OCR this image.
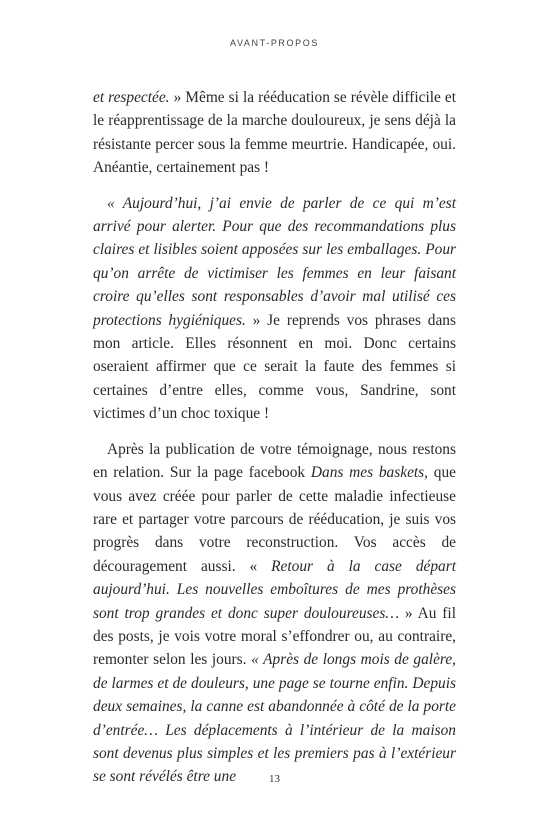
AVANT-PROPOS

et respectée. » Même si la rééducation se révèle difficile et le réapprentissage de la marche douloureux, je sens déjà la résistante percer sous la femme meurtrie. Handicapée, oui. Anéantie, certainement pas !

« Aujourd’hui, j’ai envie de parler de ce qui m’est arrivé pour alerter. Pour que des recommandations plus claires et lisibles soient apposées sur les emballages. Pour qu’on arrête de victimiser les femmes en leur faisant croire qu’elles sont responsables d’avoir mal utilisé ces protections hygiéniques. » Je reprends vos phrases dans mon article. Elles résonnent en moi. Donc certains oseraient affirmer que ce serait la faute des femmes si certaines d’entre elles, comme vous, Sandrine, sont victimes d’un choc toxique !

Après la publication de votre témoignage, nous restons en relation. Sur la page facebook Dans mes baskets, que vous avez créée pour parler de cette maladie infectieuse rare et partager votre parcours de rééducation, je suis vos progrès dans votre reconstruction. Vos accès de découragement aussi. « Retour à la case départ aujourd’hui. Les nouvelles emboîtures de mes prothèses sont trop grandes et donc super douloureuses… » Au fil des posts, je vois votre moral s’effondrer ou, au contraire, remonter selon les jours. « Après de longs mois de galère, de larmes et de douleurs, une page se tourne enfin. Depuis deux semaines, la canne est abandonnée à côté de la porte d’entrée… Les déplacements à l’intérieur de la maison sont devenus plus simples et les premiers pas à l’extérieur se sont révélés être une	13
